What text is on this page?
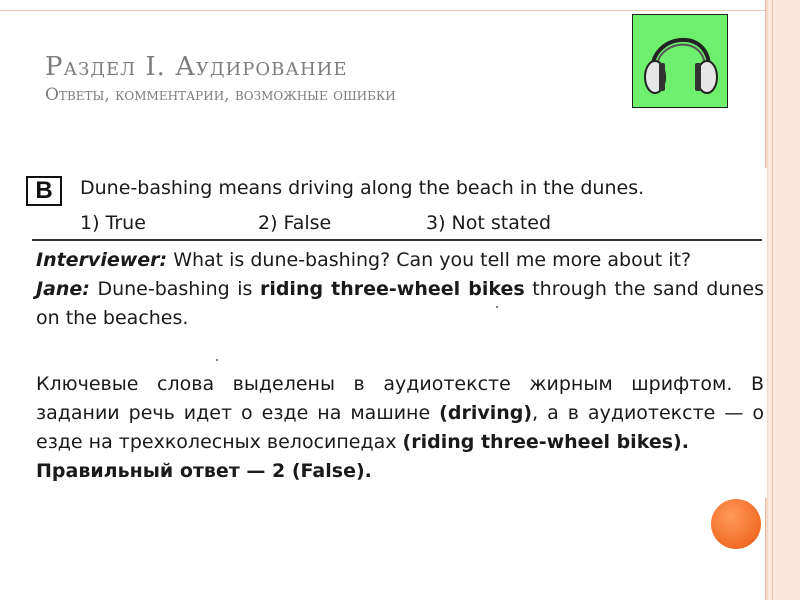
Раздел I. Аудирование
Ответы, комментарии, возможные ошибки
B	Dune-bashing means driving along the beach in the dunes.
1) True	2) False	3) Not stated
Interviewer: What is dune-bashing? Can you tell me more about it?
Jane: Dune-bashing is riding three-wheel bikes through the sand dunes on the beaches.
Ключевые слова выделены в аудиотексте жирным шрифтом. В задании речь идет о езде на машине (driving), а в аудиотексте — о езде на трехколесных велосипедах (riding three-wheel bikes).
Правильный ответ — 2 (False).
